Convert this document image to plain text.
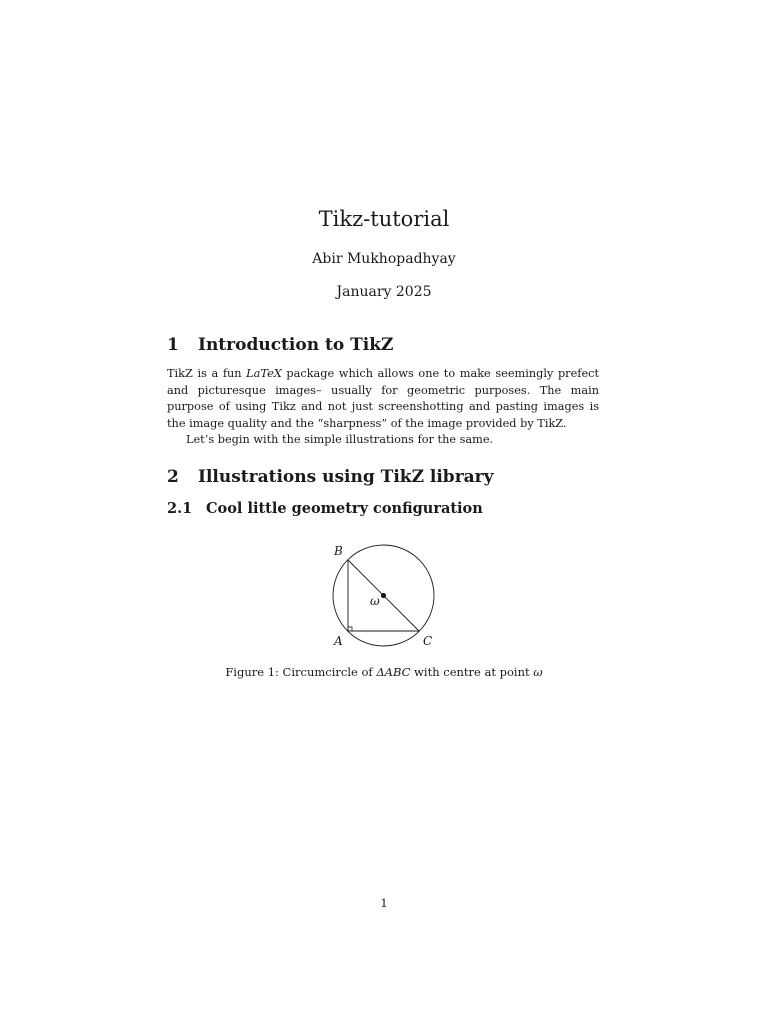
Tikz-tutorial
Abir Mukhopadhyay
January 2025
1 Introduction to TikZ

TikZ is a fun LaTeX package which allows one to make seemingly prefect and picturesque images– usually for geometric purposes. The main purpose of using Tikz and not just screenshotting and pasting images is the image quality and the “sharpness” of the image provided by TikZ.

Let’s begin with the simple illustrations for the same.

2 Illustrations using TikZ library
2.1 Cool little geometry configuration
B
A	C
ω
Figure 1: Circumcircle of ΔABC with centre at point ω
1
